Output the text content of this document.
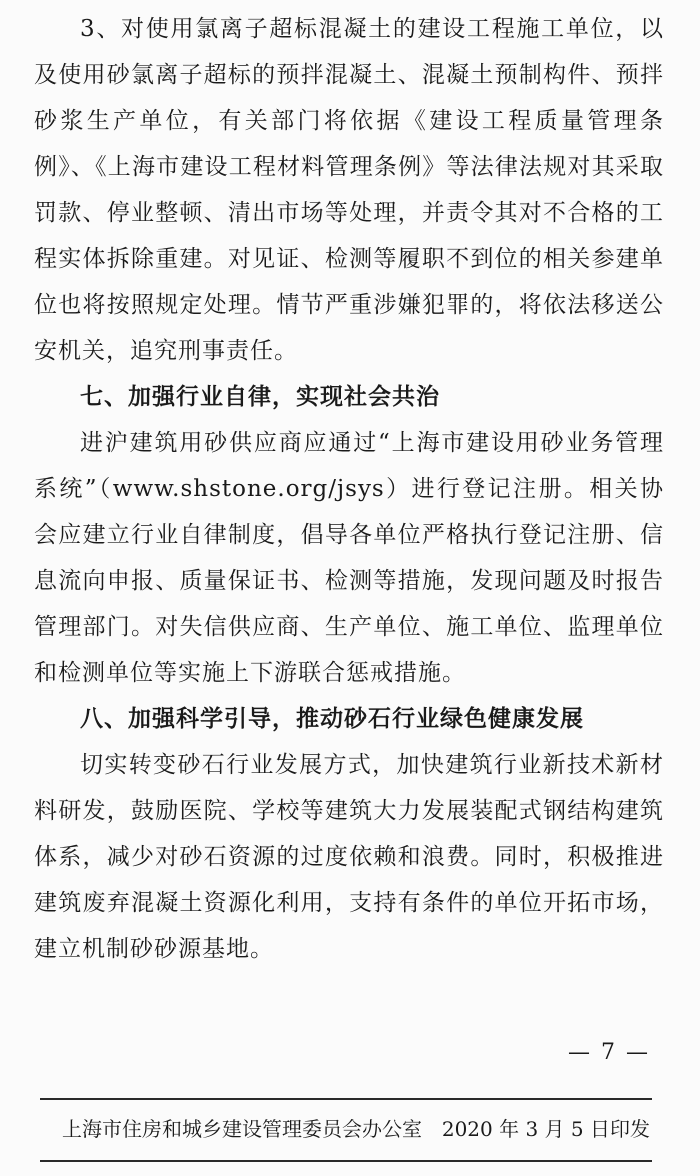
3、对使用氯离子超标混凝土的建设工程施工单位，以及使用砂氯离子超标的预拌混凝土、混凝土预制构件、预拌砂浆生产单位，有关部门将依据《建设工程质量管理条例》、《上海市建设工程材料管理条例》等法律法规对其采取罚款、停业整顿、清出市场等处理，并责令其对不合格的工程实体拆除重建。对见证、检测等履职不到位的相关参建单位也将按照规定处理。情节严重涉嫌犯罪的，将依法移送公安机关，追究刑事责任。

七、加强行业自律，实现社会共治

进沪建筑用砂供应商应通过“上海市建设用砂业务管理系统”（www.shstone.org/jsys）进行登记注册。相关协会应建立行业自律制度，倡导各单位严格执行登记注册、信息流向申报、质量保证书、检测等措施，发现问题及时报告管理部门。对失信供应商、生产单位、施工单位、监理单位和检测单位等实施上下游联合惩戒措施。

八、加强科学引导，推动砂石行业绿色健康发展

切实转变砂石行业发展方式，加快建筑行业新技术新材料研发，鼓励医院、学校等建筑大力发展装配式钢结构建筑体系，减少对砂石资源的过度依赖和浪费。同时，积极推进建筑废弃混凝土资源化利用，支持有条件的单位开拓市场，建立机制砂砂源基地。

— 7 —
上海市住房和城乡建设管理委员会办公室 2020 年 3 月 5 日印发
